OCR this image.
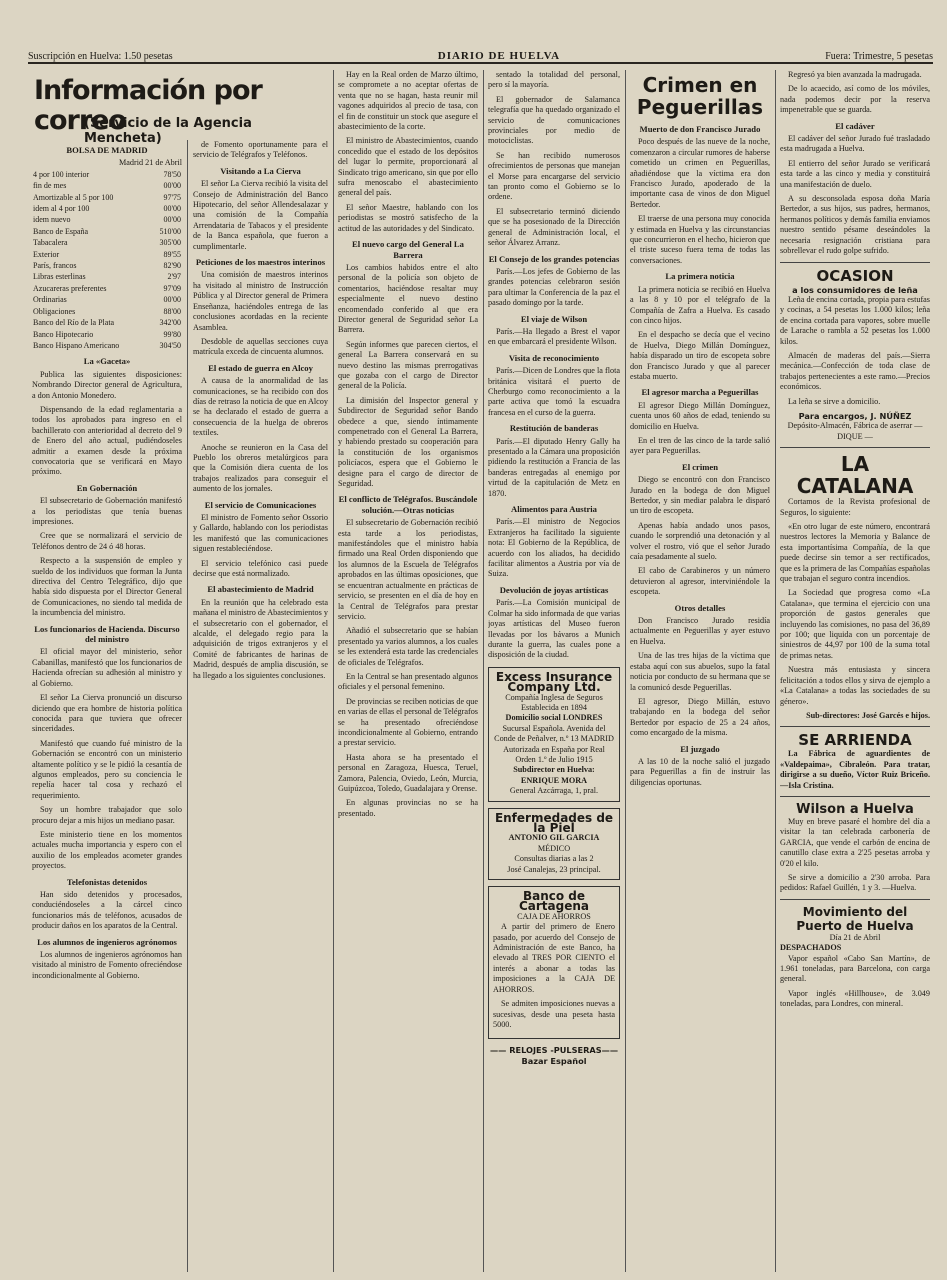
Suscripción en Huelva: 1.50 pesetas	DIARIO DE HUELVA	Fuera: Trimestre, 5 pesetas
Información por correo
(Servicio de la Agencia Mencheta)
BOLSA DE MADRID
Madrid 21 de Abril
4 por 100 interior	78'50
fin de mes	00'00
Amortizable al 5 por 100	97'75
idem al 4 por 100	00'00
idem nuevo	00'00
Banco de España	510'00
Tabacalera	305'00
Exterior	89'55
París, francos	82'90
Libras esterlinas	2'97
Azucareras preferentes	97'09
Ordinarias	00'00
Obligaciones	88'00
Banco del Río de la Plata	342'00
Banco Hipotecario	99'80
Banco Hispano Americano	304'50
La «Gaceta»

Publica las siguientes disposiciones: Nombrando Director general de Agricultura, a don Antonio Monedero.

Dispensando de la edad reglamentaria a todos los aprobados para ingreso en el bachillerato con anterioridad al decreto del 9 de Enero del año actual, pudiéndoseles admitir a examen desde la próxima convocatoria que se verificará en Mayo próximo.

En Gobernación

El subsecretario de Gobernación manifestó a los periodistas que tenía buenas impresiones.

Cree que se normalizará el servicio de Teléfonos dentro de 24 ó 48 horas.

Respecto a la suspensión de empleo y sueldo de los individuos que forman la Junta directiva del Centro Telegráfico, dijo que había sido dispuesta por el Director General de Comunicaciones, no siendo tal medida de la incumbencia del ministro.

Los funcionarios de Hacienda. Discurso del ministro

El oficial mayor del ministerio, señor Cabanillas, manifestó que los funcionarios de Hacienda ofrecían su adhesión al ministro y al Gobierno.

El señor La Cierva pronunció un discurso diciendo que era hombre de historia política conocida para que tuviera que ofrecer sinceridades.

Manifestó que cuando fué ministro de la Gobernación se encontró con un ministerio altamente político y se le pidió la cesantía de algunos empleados, pero su conciencia le repelía hacer tal cosa y rechazó el requerimiento.

Soy un hombre trabajador que solo procuro dejar a mis hijos un mediano pasar.

Este ministerio tiene en los momentos actuales mucha importancia y espero con el auxilio de los empleados acometer grandes proyectos.

Telefonistas detenidos

Han sido detenidos y procesados, conduciéndoseles a la cárcel cinco funcionarios más de teléfonos, acusados de producir daños en los aparatos de la Central.

Los alumnos de ingenieros agrónomos

Los alumnos de ingenieros agrónomos han visitado al ministro de Fomento ofreciéndose incondicionalmente al Gobierno.

de Fomento oportunamente para el servicio de Telégrafos y Teléfonos.

Visitando a La Cierva

El señor La Cierva recibió la visita del Consejo de Administración del Banco Hipotecario, del señor Allendesalazar y una comisión de la Compañía Arrendataria de Tabacos y el presidente de la Banca española, que fueron a cumplimentarle.

Peticiones de los maestros interinos

Una comisión de maestros interinos ha visitado al ministro de Instrucción Pública y al Director general de Primera Enseñanza, haciéndoles entrega de las conclusiones acordadas en la reciente Asamblea.

Desdoble de aquellas secciones cuya matrícula exceda de cincuenta alumnos.

El estado de guerra en Alcoy

A causa de la anormalidad de las comunicaciones, se ha recibido con dos días de retraso la noticia de que en Alcoy se ha declarado el estado de guerra a consecuencia de la huelga de obreros textiles.

Anoche se reunieron en la Casa del Pueblo los obreros metalúrgicos para que la Comisión diera cuenta de los trabajos realizados para conseguir el aumento de los jornales.

El servicio de Comunicaciones

El ministro de Fomento señor Ossorio y Gallardo, hablando con los periodistas les manifestó que las comunicaciones siguen restableciéndose.

El servicio telefónico casi puede decirse que está normalizado.

El abastecimiento de Madrid

En la reunión que ha celebrado esta mañana el ministro de Abastecimientos y el subsecretario con el gobernador, el alcalde, el delegado regio para la adquisición de trigos extranjeros y el Comité de fabricantes de harinas de Madrid, después de amplia discusión, se ha llegado a los siguientes conclusiones.

Hay en la Real orden de Marzo último, se compromete a no aceptar ofertas de venta que no se hagan, hasta reunir mil vagones adquiridos al precio de tasa, con el fin de constituir un stock que asegure el abastecimiento de la corte.

El ministro de Abastecimientos, cuando concedido que el estado de los depósitos del lugar lo permite, proporcionará al Sindicato trigo americano, sin que por ello sufra menoscabo el abastecimiento general del país.

El señor Maestre, hablando con los periodistas se mostró satisfecho de la actitud de las autoridades y del Sindicato.

El nuevo cargo del General La Barrera

Los cambios habidos entre el alto personal de la policía son objeto de comentarios, haciéndose resaltar muy especialmente el nuevo destino encomendado conferido al que era Director general de Seguridad señor La Barrera.

Según informes que parecen ciertos, el general La Barrera conservará en su nuevo destino las mismas prerrogativas que gozaba con el cargo de Director general de la Policía.

La dimisión del Inspector general y Subdirector de Seguridad señor Bando obedece a que, siendo íntimamente compenetrado con el General La Barrera, y habiendo prestado su cooperación para la constitución de los organismos policíacos, espera que el Gobierno le designe para el cargo de director de Seguridad.

El conflicto de Telégrafos. Buscándole solución.—Otras noticias

El subsecretario de Gobernación recibió esta tarde a los periodistas, manifestándoles que el ministro había firmado una Real Orden disponiendo que los alumnos de la Escuela de Telégrafos aprobados en las últimas oposiciones, que se encuentran actualmente en prácticas de servicio, se presenten en el día de hoy en la Central de Telégrafos para prestar servicio.

Añadió el subsecretario que se habían presentado ya varios alumnos, a los cuales se les extenderá esta tarde las credenciales de oficiales de Telégrafos.

En la Central se han presentado algunos oficiales y el personal femenino.

De provincias se reciben noticias de que en varias de ellas el personal de Telégrafos se ha presentado ofreciéndose incondicionalmente al Gobierno, entrando a prestar servicio.

Hasta ahora se ha presentado el personal en Zaragoza, Huesca, Teruel, Zamora, Palencia, Oviedo, León, Murcia, Guipúzcoa, Toledo, Guadalajara y Orense.

En algunas provincias no se ha presentado.

sentado la totalidad del personal, pero sí la mayoría.

El gobernador de Salamanca telegrafía que ha quedado organizado el servicio de comunicaciones provinciales por medio de motociclistas.

Se han recibido numerosos ofrecimientos de personas que manejan el Morse para encargarse del servicio tan pronto como el Gobierno se lo ordene.

El subsecretario terminó diciendo que se ha posesionado de la Dirección general de Administración local, el señor Álvarez Arranz.

El Consejo de los grandes potencias

París.—Los jefes de Gobierno de las grandes potencias celebraron sesión para ultimar la Conferencia de la paz el pasado domingo por la tarde.

El viaje de Wilson

París.—Ha llegado a Brest el vapor en que embarcará el presidente Wilson.

Visita de reconocimiento

París.—Dicen de Londres que la flota británica visitará el puerto de Cherburgo como reconocimiento a la parte activa que tomó la escuadra francesa en el curso de la guerra.

Restitución de banderas

París.—El diputado Henry Gally ha presentado a la Cámara una proposición pidiendo la restitución a Francia de las banderas entregadas al enemigo por virtud de la capitulación de Metz en 1870.

Alimentos para Austria

París.—El ministro de Negocios Extranjeros ha facilitado la siguiente nota: El Gobierno de la República, de acuerdo con los aliados, ha decidido facilitar alimentos a Austria por vía de Suiza.

Devolución de joyas artísticas

París.—La Comisión municipal de Colmar ha sido informada de que varias joyas artísticas del Museo fueron llevadas por los bávaros a Munich durante la guerra, las cuales pone a disposición de la ciudad.

Excess Insurance Company Ltd.
Compañía Inglesa de Seguros
Establecida en 1894
Domicilio social LONDRES
Sucursal Española. Avenida del Conde de Peñalver, n.º 13 MADRID
Autorizada en España por Real Orden 1.º de Julio 1915
Subdirector en Huelva:
ENRIQUE MORA
General Azcárraga, 1, pral.
Enfermedades de la Piel
ANTONIO GIL GARCIA
MÉDICO
Consultas diarias a las 2
José Canalejas, 23 principal.
Banco de Cartagena
CAJA DE AHORROS

A partir del primero de Enero pasado, por acuerdo del Consejo de Administración de este Banco, ha elevado al TRES POR CIENTO el interés a abonar a todas las imposiciones a la CAJA DE AHORROS.

Se admiten imposiciones nuevas a sucesivas, desde una peseta hasta 5000.

—— RELOJES -PULSERAS——
Bazar Español
Crimen en Peguerillas
Muerto de don Francisco Jurado

Poco después de las nueve de la noche, comenzaron a circular rumores de haberse cometido un crimen en Peguerillas, añadiéndose que la víctima era don Francisco Jurado, apoderado de la importante casa de vinos de don Miguel Bertedor.

El traerse de una persona muy conocida y estimada en Huelva y las circunstancias que concurrieron en el hecho, hicieron que el triste suceso fuera tema de todas las conversaciones.

La primera noticia

La primera noticia se recibió en Huelva a las 8 y 10 por el telégrafo de la Compañía de Zafra a Huelva. Es casado con cinco hijos.

En el despacho se decía que el vecino de Huelva, Diego Millán Domínguez, había disparado un tiro de escopeta sobre don Francisco Jurado y que al parecer estaba muerto.

El agresor marcha a Peguerillas

El agresor Diego Millán Domínguez, cuenta unos 60 años de edad, teniendo su domicilio en Huelva.

En el tren de las cinco de la tarde salió ayer para Peguerillas.

El crimen

Diego se encontró con don Francisco Jurado en la bodega de don Miguel Bertedor, y sin mediar palabra le disparó un tiro de escopeta.

Apenas había andado unos pasos, cuando le sorprendió una detonación y al volver el rostro, vió que el señor Jurado caía pesadamente al suelo.

El cabo de Carabineros y un número detuvieron al agresor, interviniéndole la escopeta.

Otros detalles

Don Francisco Jurado residía actualmente en Peguerillas y ayer estuvo en Huelva.

Una de las tres hijas de la víctima que estaba aquí con sus abuelos, supo la fatal noticia por conducto de su hermana que se la comunicó desde Peguerillas.

El agresor, Diego Millán, estuvo trabajando en la bodega del señor Bertedor por espacio de 25 a 24 años, como encargado de la misma.

El juzgado

A las 10 de la noche salió el juzgado para Peguerillas a fin de instruir las diligencias oportunas.

Regresó ya bien avanzada la madrugada.

De lo acaecido, así como de los móviles, nada podemos decir por la reserva impenetrable que se guarda.

El cadáver

El cadáver del señor Jurado fué trasladado esta madrugada a Huelva.

El entierro del señor Jurado se verificará esta tarde a las cinco y media y constituirá una manifestación de duelo.

A su desconsolada esposa doña María Bertedor, a sus hijos, sus padres, hermanos, hermanos políticos y demás familia enviamos nuestro sentido pésame deseándoles la necesaria resignación cristiana para sobrellevar el rudo golpe sufrido.

OCASION
a los consumidores de leña

Leña de encina cortada, propia para estufas y cocinas, a 54 pesetas los 1.000 kilos; leña de encina cortada para vapores, sobre muelle de Larache o rambla a 52 pesetas los 1.000 kilos.

Almacén de maderas del país.—Sierra mecánica.—Confección de toda clase de trabajos pertenecientes a este ramo.—Precios económicos.

La leña se sirve a domicilio.

Para encargos, J. NÚÑEZ
Depósito-Almacén, Fábrica de aserrar — DIQUE —
LA CATALANA

Cortamos de la Revista profesional de Seguros, lo siguiente:

«En otro lugar de este número, encontrará nuestros lectores la Memoria y Balance de esta importantísima Compañía, de la que puede decirse sin temor a ser rectificados, que es la primera de las Compañías españolas que trabajan el seguro contra incendios.

La Sociedad que progresa como «La Catalana», que termina el ejercicio con una proporción de gastos generales que incluyendo las comisiones, no pasa del 36,89 por 100; que liquida con un porcentaje de siniestros de 44,97 por 100 de la suma total de primas netas.

Nuestra más entusiasta y sincera felicitación a todos ellos y sirva de ejemplo a «La Catalana» a todas las sociedades de su género».

Sub-directores: José Garcés e hijos.
SE ARRIENDA

La Fábrica de aguardientes de «Valdepaima», Cibraleón. Para tratar, dirigirse a su dueño, Víctor Ruiz Briceño.—Isla Cristina.

Wilson a Huelva

Muy en breve pasaré el hombre del día a visitar la tan celebrada carbonería de GARCIA, que vende el carbón de encina de canutillo clase extra a 2'25 pesetas arroba y 0'20 el kilo.

Se sirve a domicilio a 2'30 arroba. Para pedidos: Rafael Guillén, 1 y 3. —Huelva.

Movimiento del Puerto de Huelva
Día 21 de Abril
DESPACHADOS

Vapor español «Cabo San Martín», de 1.961 toneladas, para Barcelona, con carga general.

Vapor inglés «Hillhouse», de 3.049 toneladas, para Londres, con mineral.
